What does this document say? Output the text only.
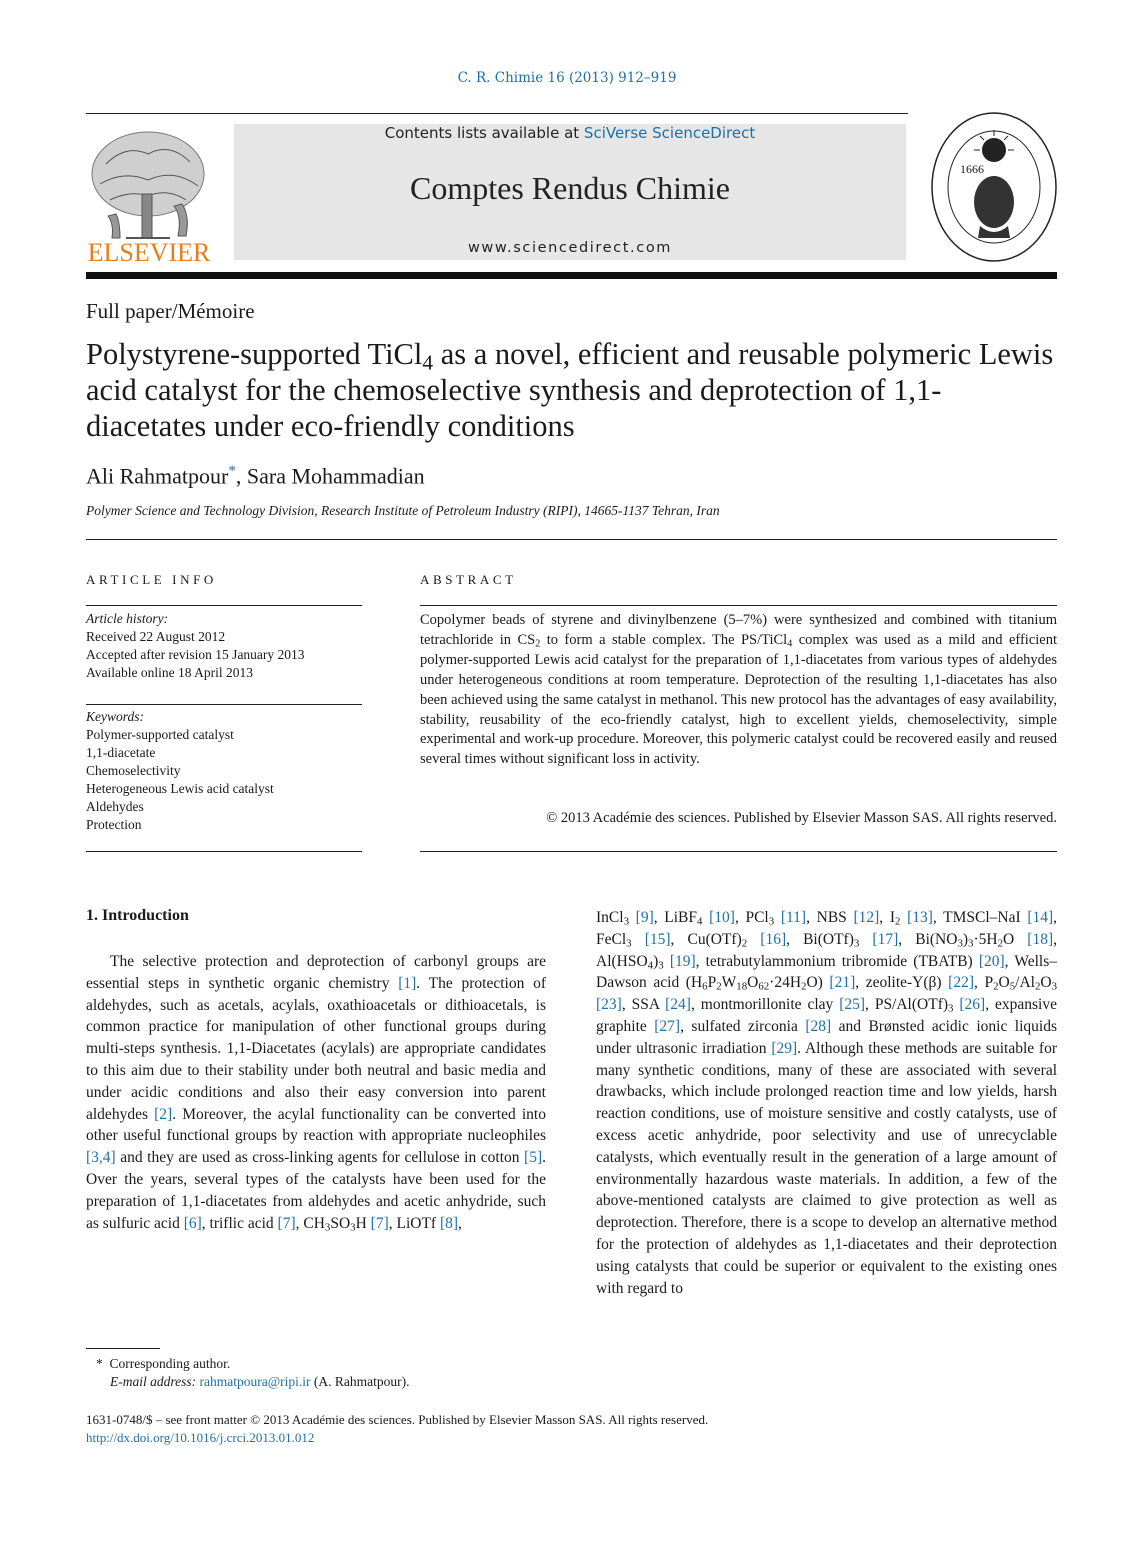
C. R. Chimie 16 (2013) 912–919
ELSEVIER
Contents lists available at SciVerse ScienceDirect
Comptes Rendus Chimie
www.sciencedirect.com
1666
Full paper/Mémoire
Polystyrene-supported TiCl$_4$ as a novel, efficient and reusable polymeric Lewis acid catalyst for the chemoselective synthesis and deprotection of 1,1-diacetates under eco-friendly conditions
Ali Rahmatpour*, Sara Mohammadian
Polymer Science and Technology Division, Research Institute of Petroleum Industry (RIPI), 14665-1137 Tehran, Iran
ARTICLE INFO
Article history:
Received 22 August 2012
Accepted after revision 15 January 2013
Available online 18 April 2013
Keywords:
Polymer-supported catalyst
1,1-diacetate
Chemoselectivity
Heterogeneous Lewis acid catalyst
Aldehydes
Protection
ABSTRACT
Copolymer beads of styrene and divinylbenzene (5–7%) were synthesized and combined with titanium tetrachloride in $CS_2$ to form a stable complex. The PS/TiCl$_4$ complex was used as a mild and efficient polymer-supported Lewis acid catalyst for the preparation of 1,1-diacetates from various types of aldehydes under heterogeneous conditions at room temperature. Deprotection of the resulting 1,1-diacetates has also been achieved using the same catalyst in methanol. This new protocol has the advantages of easy availability, stability, reusability of the eco-friendly catalyst, high to excellent yields, chemoselectivity, simple experimental and work-up procedure. Moreover, this polymeric catalyst could be recovered easily and reused several times without significant loss in activity.
© 2013 Académie des sciences. Published by Elsevier Masson SAS. All rights reserved.
1. Introduction

The selective protection and deprotection of carbonyl groups are essential steps in synthetic organic chemistry [1]. The protection of aldehydes, such as acetals, acylals, oxathioacetals or dithioacetals, is common practice for manipulation of other functional groups during multi-steps synthesis. 1,1-Diacetates (acylals) are appropriate candidates to this aim due to their stability under both neutral and basic media and under acidic conditions and also their easy conversion into parent aldehydes [2]. Moreover, the acylal functionality can be converted into other useful functional groups by reaction with appropriate nucleophiles [3,4] and they are used as cross-linking agents for cellulose in cotton [5]. Over the years, several types of the catalysts have been used for the preparation of 1,1-diacetates from aldehydes and acetic anhydride, such as sulfuric acid [6], triflic acid [7], $CH_3SO_3H$ [7], LiOTf [8],

InCl$_3$ [9], LiBF$_4$ [10], PCl$_3$ [11], NBS [12], $I_2$ [13], TMSCl–NaI [14], FeCl$_3$ [15], $Cu(OTf)_2$ [16], $Bi(OTf)_3$ [17], $Bi(NO_3)_3\cdot 5H_2O$ [18], $Al(HSO_4)_3$ [19], tetrabutylammonium tribromide (TBATB) [20], Wells–Dawson acid $(H_6P_2W_{18}O_{62}\cdot 24H_2O)$ [21], zeolite-Y(β) [22], $P_2O_5/Al_2O_3$ [23], SSA [24], montmorillonite clay [25], $PS/Al(OTf)_3$ [26], expansive graphite [27], sulfated zirconia [28] and Brønsted acidic ionic liquids under ultrasonic irradiation [29]. Although these methods are suitable for many synthetic conditions, many of these are associated with several drawbacks, which include prolonged reaction time and low yields, harsh reaction conditions, use of moisture sensitive and costly catalysts, use of excess acetic anhydride, poor selectivity and use of unrecyclable catalysts, which eventually result in the generation of a large amount of environmentally hazardous waste materials. In addition, a few of the above-mentioned catalysts are claimed to give protection as well as deprotection. Therefore, there is a scope to develop an alternative method for the protection of aldehydes as 1,1-diacetates and their deprotection using catalysts that could be superior or equivalent to the existing ones with regard to

* Corresponding author.
E-mail address: rahmatpoura@ripi.ir (A. Rahmatpour).
1631-0748/$ – see front matter © 2013 Académie des sciences. Published by Elsevier Masson SAS. All rights reserved.
http://dx.doi.org/10.1016/j.crci.2013.01.012
